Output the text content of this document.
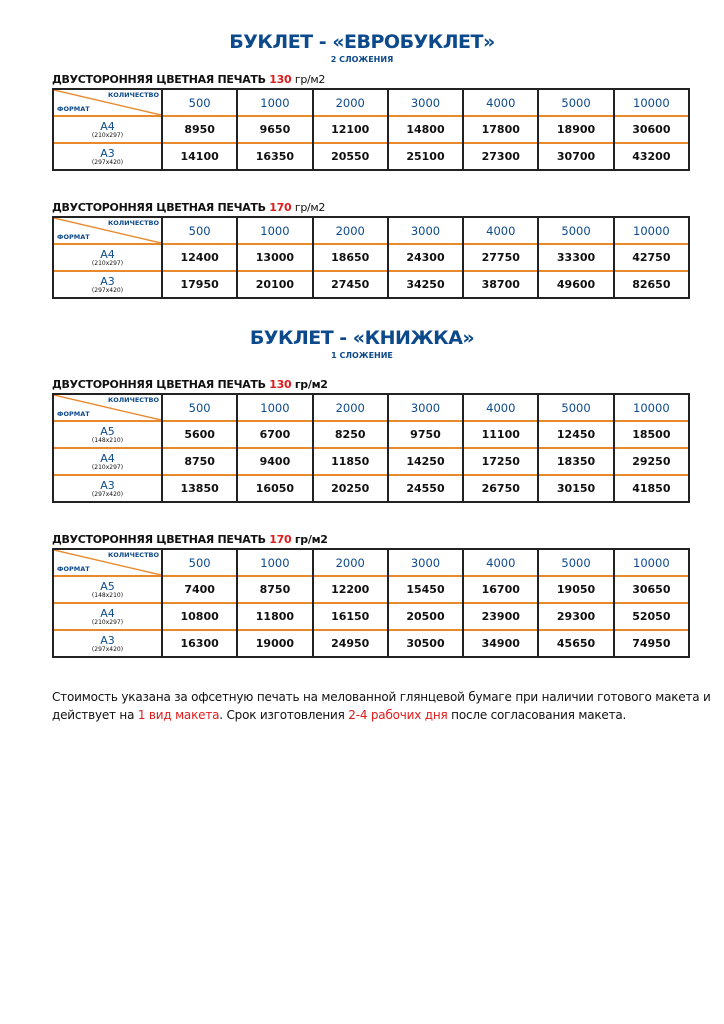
БУКЛЕТ - «ЕВРОБУКЛЕТ»
2 СЛОЖЕНИЯ
ДВУСТОРОННЯЯ ЦВЕТНАЯ ПЕЧАТЬ 130 гр/м2
КОЛИЧЕСТВО
ФОРМАТ	500	1000	2000	3000	4000	5000	10000

A4
(210x297)	8950	9650	12100	14800	17800	18900	30600

A3
(297x420)	14100	16350	20550	25100	27300	30700	43200
ДВУСТОРОННЯЯ ЦВЕТНАЯ ПЕЧАТЬ 170 гр/м2
КОЛИЧЕСТВО
ФОРМАТ	500	1000	2000	3000	4000	5000	10000

A4
(210x297)	12400	13000	18650	24300	27750	33300	42750

A3
(297x420)	17950	20100	27450	34250	38700	49600	82650
БУКЛЕТ - «КНИЖКА»
1 СЛОЖЕНИЕ
ДВУСТОРОННЯЯ ЦВЕТНАЯ ПЕЧАТЬ 130 гр/м2
КОЛИЧЕСТВО
ФОРМАТ	500	1000	2000	3000	4000	5000	10000

A5
(148x210)	5600	6700	8250	9750	11100	12450	18500

A4
(210x297)	8750	9400	11850	14250	17250	18350	29250

A3
(297x420)	13850	16050	20250	24550	26750	30150	41850
ДВУСТОРОННЯЯ ЦВЕТНАЯ ПЕЧАТЬ 170 гр/м2
КОЛИЧЕСТВО
ФОРМАТ	500	1000	2000	3000	4000	5000	10000

A5
(148x210)	7400	8750	12200	15450	16700	19050	30650

A4
(210x297)	10800	11800	16150	20500	23900	29300	52050

A3
(297x420)	16300	19000	24950	30500	34900	45650	74950
Стоимость указана за офсетную печать на мелованной глянцевой бумаге при наличии готового макета и действует на 1 вид макета. Срок изготовления 2-4 рабочих дня после согласования макета.
